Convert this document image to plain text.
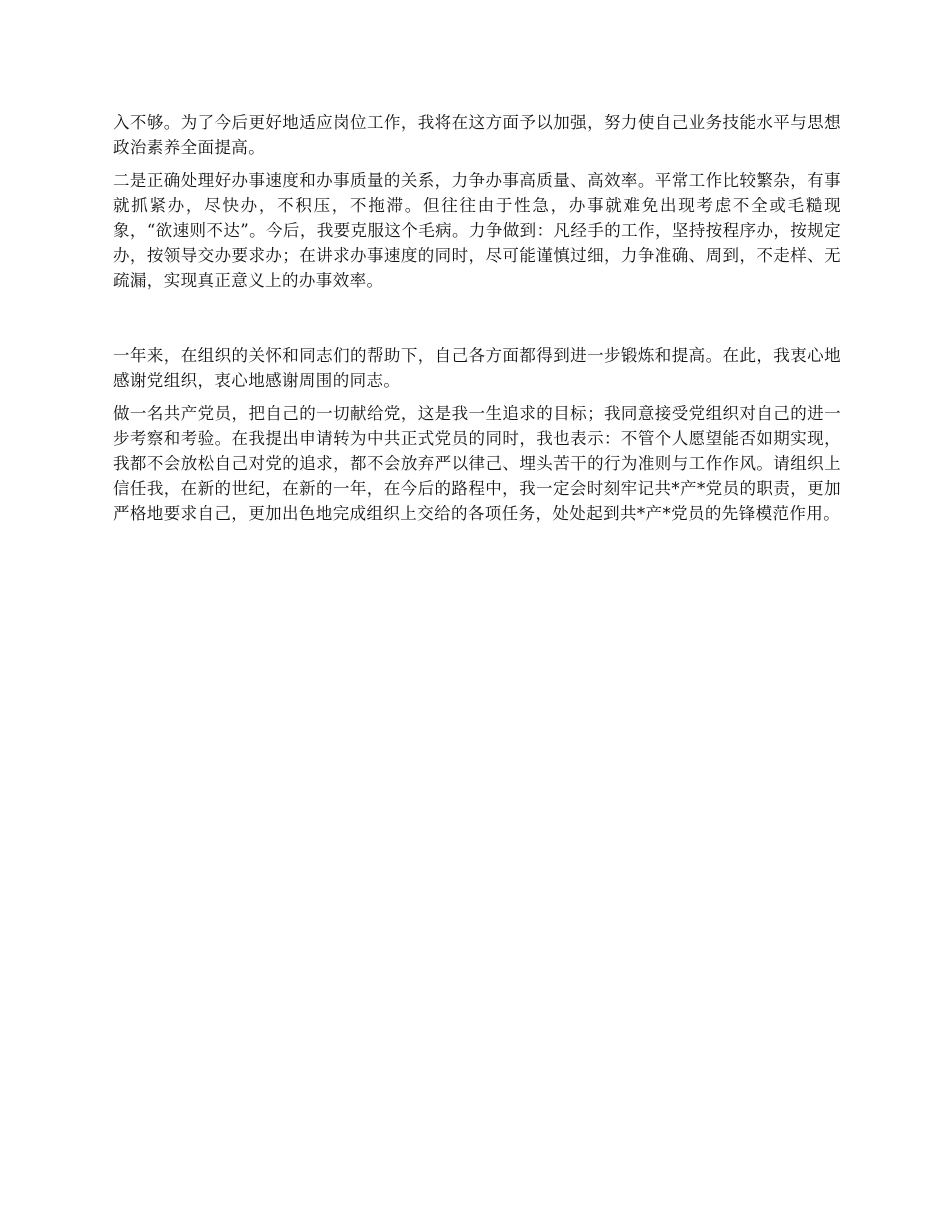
入不够。为了今后更好地适应岗位工作，我将在这方面予以加强，努力使自己业务技能水平与思想政治素养全面提高。

二是正确处理好办事速度和办事质量的关系，力争办事高质量、高效率。平常工作比较繁杂，有事就抓紧办，尽快办，不积压，不拖滞。但往往由于性急，办事就难免出现考虑不全或毛糙现象，“欲速则不达”。今后，我要克服这个毛病。力争做到：凡经手的工作，坚持按程序办，按规定办，按领导交办要求办；在讲求办事速度的同时，尽可能谨慎过细，力争准确、周到，不走样、无疏漏，实现真正意义上的办事效率。

一年来，在组织的关怀和同志们的帮助下，自己各方面都得到进一步锻炼和提高。在此，我衷心地感谢党组织，衷心地感谢周围的同志。

做一名共产党员，把自己的一切献给党，这是我一生追求的目标；我同意接受党组织对自己的进一步考察和考验。在我提出申请转为中共正式党员的同时，我也表示：不管个人愿望能否如期实现，我都不会放松自己对党的追求，都不会放弃严以律己、埋头苦干的行为准则与工作作风。请组织上信任我，在新的世纪，在新的一年，在今后的路程中，我一定会时刻牢记共*产*党员的职责，更加严格地要求自己，更加出色地完成组织上交给的各项任务，处处起到共*产*党员的先锋模范作用。
